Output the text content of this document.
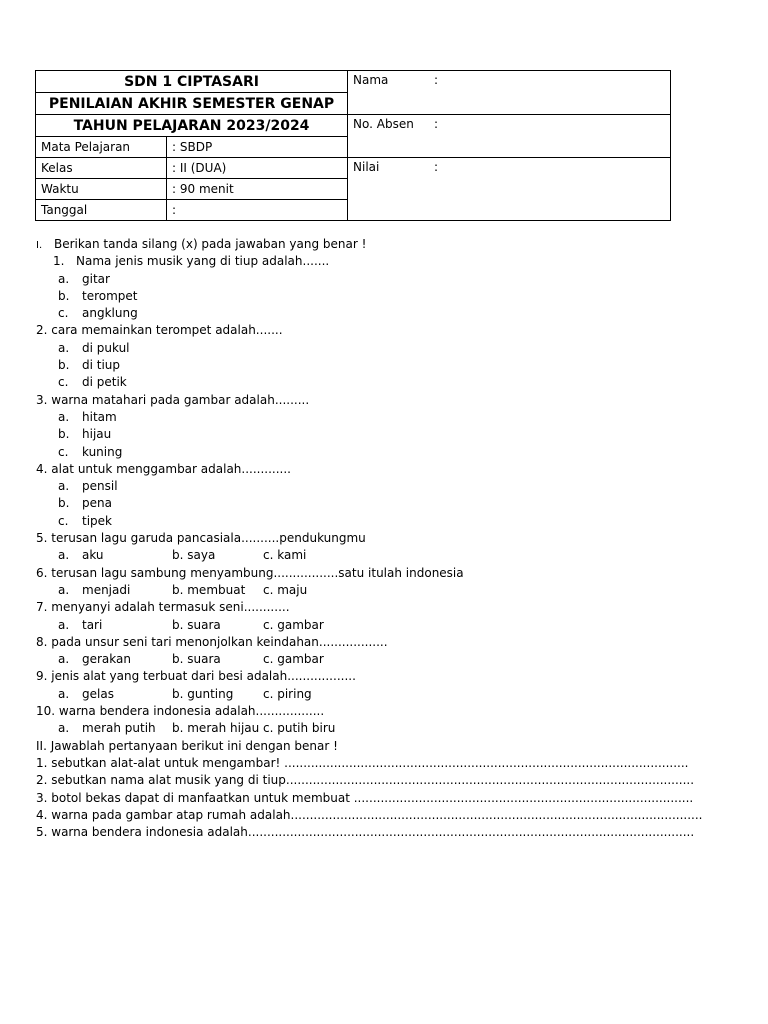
SDN 1 CIPTASARI		Nama :
PENILAIAN AKHIR SEMESTER GENAP		
TAHUN PELAJARAN 2023/2024		No. Absen :
Mata Pelajaran	: SBDP	
Kelas	: II (DUA)	Nilai :
Waktu	: 90 menit	
Tanggal	:	
I. Berikan tanda silang (x) pada jawaban yang benar !
1. Nama jenis musik yang di tiup adalah.......
a. gitar
b. terompet
c. angklung
2. cara memainkan terompet adalah.......
a. di pukul
b. di tiup
c. di petik
3. warna matahari pada gambar adalah.........
a. hitam
b. hijau
c. kuning
4. alat untuk menggambar adalah.............
a. pensil
b. pena
c. tipek
5. terusan lagu garuda pancasiala..........pendukungmu
a. aku	b. saya	c. kami
6. terusan lagu sambung menyambung.................satu itulah indonesia
a. menjadi	b. membuat c. maju
7. menyanyi adalah termasuk seni............
a. tari	b. suara	c. gambar
8. pada unsur seni tari menonjolkan keindahan..................
a. gerakan	b. suara	c. gambar
9. jenis alat yang terbuat dari besi adalah..................
a. gelas	b. gunting c. piring
10. warna bendera indonesia adalah..................
a. merah putih b. merah hijau c. putih biru
II. Jawablah pertanyaan berikut ini dengan benar !
1. sebutkan alat-alat untuk mengambar! ..........................................................................................................
2. sebutkan nama alat musik yang di tiup...........................................................................................................
3. botol bekas dapat di manfaatkan untuk membuat .........................................................................................
4. warna pada gambar atap rumah adalah............................................................................................................
5. warna bendera indonesia adalah.....................................................................................................................
